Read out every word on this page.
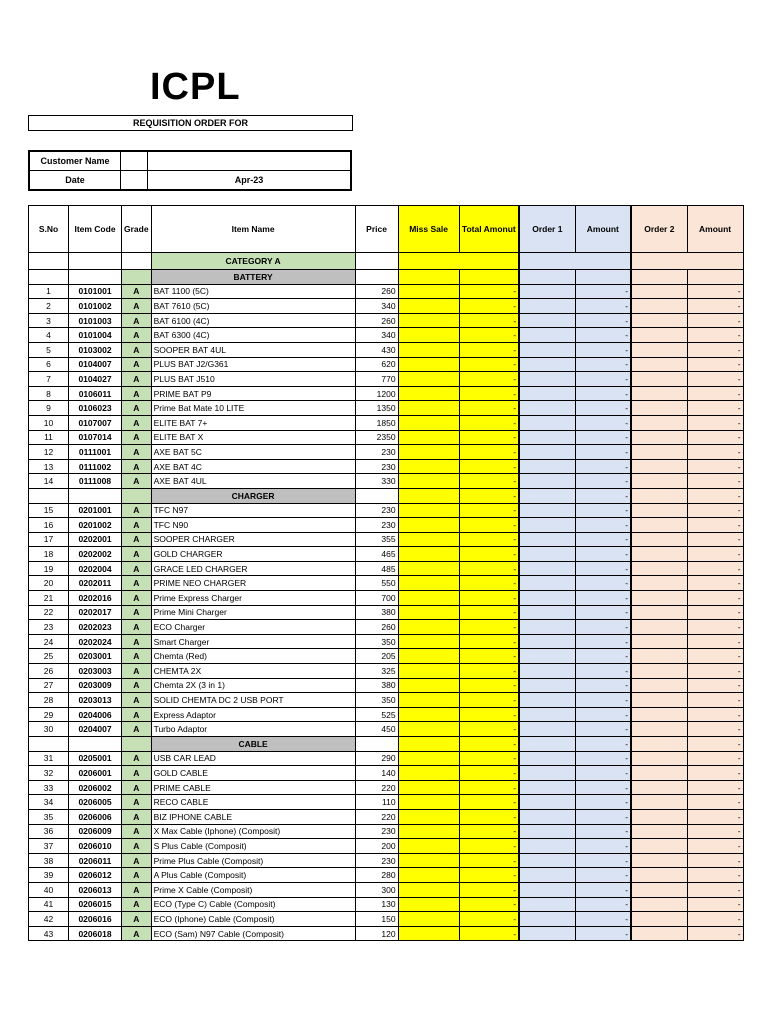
ICPL
REQUISITION ORDER FOR
Customer Name		
Date		Apr-23
S.No	Item Code	Grade	Item Name	Price	Miss Sale	Total Amonut	Order 1	Amount	Order 2	Amount
			CATEGORY A							
			BATTERY							
1	0101001	A	BAT 1100 (5C)	260		-		-		-
2	0101002	A	BAT 7610 (5C)	340		-		-		-
3	0101003	A	BAT 6100 (4C)	260		-		-		-
4	0101004	A	BAT 6300 (4C)	340		-		-		-
5	0103002	A	SOOPER BAT 4UL	430		-		-		-
6	0104007	A	PLUS BAT J2/G361	620		-		-		-
7	0104027	A	PLUS BAT J510	770		-		-		-
8	0106011	A	PRIME BAT P9	1200		-		-		-
9	0106023	A	Prime Bat Mate 10 LITE	1350		-		-		-
10	0107007	A	ELITE BAT 7+	1850		-		-		-
11	0107014	A	ELITE BAT X	2350		-		-		-
12	0111001	A	AXE BAT 5C	230		-		-		-
13	0111002	A	AXE BAT 4C	230		-		-		-
14	0111008	A	AXE BAT 4UL	330		-		-		-
			CHARGER			-		-		-
15	0201001	A	TFC N97	230		-		-		-
16	0201002	A	TFC N90	230		-		-		-
17	0202001	A	SOOPER CHARGER	355		-		-		-
18	0202002	A	GOLD CHARGER	465		-		-		-
19	0202004	A	GRACE LED CHARGER	485		-		-		-
20	0202011	A	PRIME NEO CHARGER	550		-		-		-
21	0202016	A	Prime Express Charger	700		-		-		-
22	0202017	A	Prime Mini Charger	380		-		-		-
23	0202023	A	ECO Charger	260		-		-		-
24	0202024	A	Smart Charger	350		-		-		-
25	0203001	A	Chemta (Red)	205		-		-		-
26	0203003	A	CHEMTA 2X	325		-		-		-
27	0203009	A	Chemta 2X (3 in 1)	380		-		-		-
28	0203013	A	SOLID CHEMTA DC 2 USB PORT	350		-		-		-
29	0204006	A	Express Adaptor	525		-		-		-
30	0204007	A	Turbo Adaptor	450		-		-		-
			CABLE			-		-		-
31	0205001	A	USB CAR LEAD	290		-		-		-
32	0206001	A	GOLD CABLE	140		-		-		-
33	0206002	A	PRIME CABLE	220		-		-		-
34	0206005	A	RECO CABLE	110		-		-		-
35	0206006	A	BIZ IPHONE CABLE	220		-		-		-
36	0206009	A	X Max Cable (Iphone) (Composit)	230		-		-		-
37	0206010	A	S Plus Cable (Composit)	200		-		-		-
38	0206011	A	Prime Plus Cable (Composit)	230		-		-		-
39	0206012	A	A Plus Cable (Composit)	280		-		-		-
40	0206013	A	Prime X Cable (Composit)	300		-		-		-
41	0206015	A	ECO (Type C) Cable (Composit)	130		-		-		-
42	0206016	A	ECO (Iphone) Cable (Composit)	150		-		-		-
43	0206018	A	ECO (Sam) N97 Cable (Composit)	120		-		-		-
